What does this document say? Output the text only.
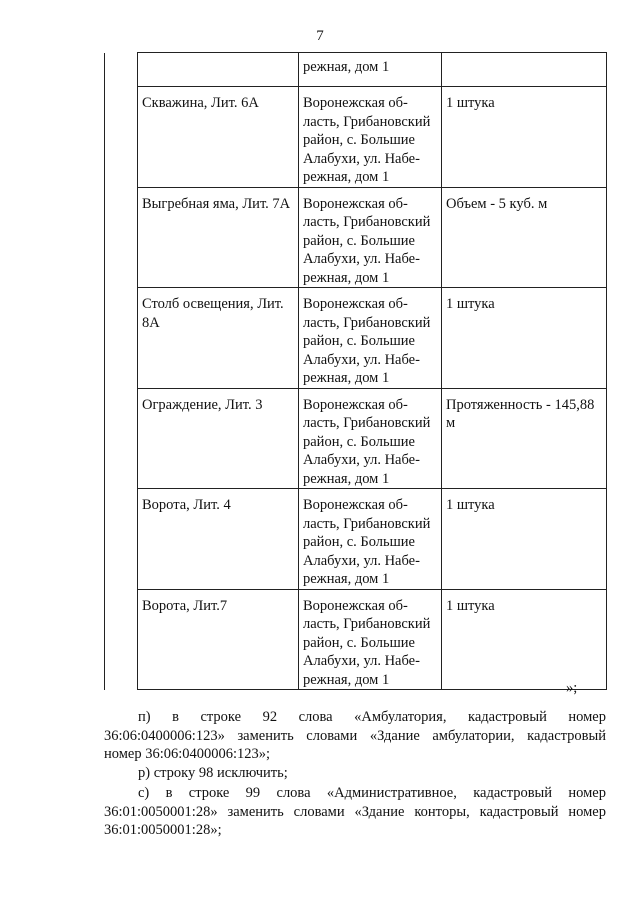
7
		режная, дом 1	
	Скважина, Лит. 6А	Воронежская об-
ласть, Грибановский
район, с. Большие
Алабухи, ул. Набе-
режная, дом 1	1 штука
	Выгребная яма, Лит. 7А	Воронежская об-
ласть, Грибановский
район, с. Большие
Алабухи, ул. Набе-
режная, дом 1	Объем - 5 куб. м
	Столб освещения, Лит. 8А	Воронежская об-
ласть, Грибановский
район, с. Большие
Алабухи, ул. Набе-
режная, дом 1	1 штука
	Ограждение, Лит. 3	Воронежская об-
ласть, Грибановский
район, с. Большие
Алабухи, ул. Набе-
режная, дом 1	Протяженность - 145,88 м
	Ворота, Лит. 4	Воронежская об-
ласть, Грибановский
район, с. Большие
Алабухи, ул. Набе-
режная, дом 1	1 штука
	Ворота, Лит.7	Воронежская об-
ласть, Грибановский
район, с. Большие
Алабухи, ул. Набе-
режная, дом 1	1 штука
»;
п)   в   строке   92   слова   «Амбулатория,   кадастровый   номер
36:06:0400006:123» заменить словами «Здание амбулатории, кадастровый
номер 36:06:0400006:123»;
р) строку 98 исключить;
с)   в   строке   99   слова   «Административное,   кадастровый   номер
36:01:0050001:28» заменить словами «Здание конторы, кадастровый номер
36:01:0050001:28»;
